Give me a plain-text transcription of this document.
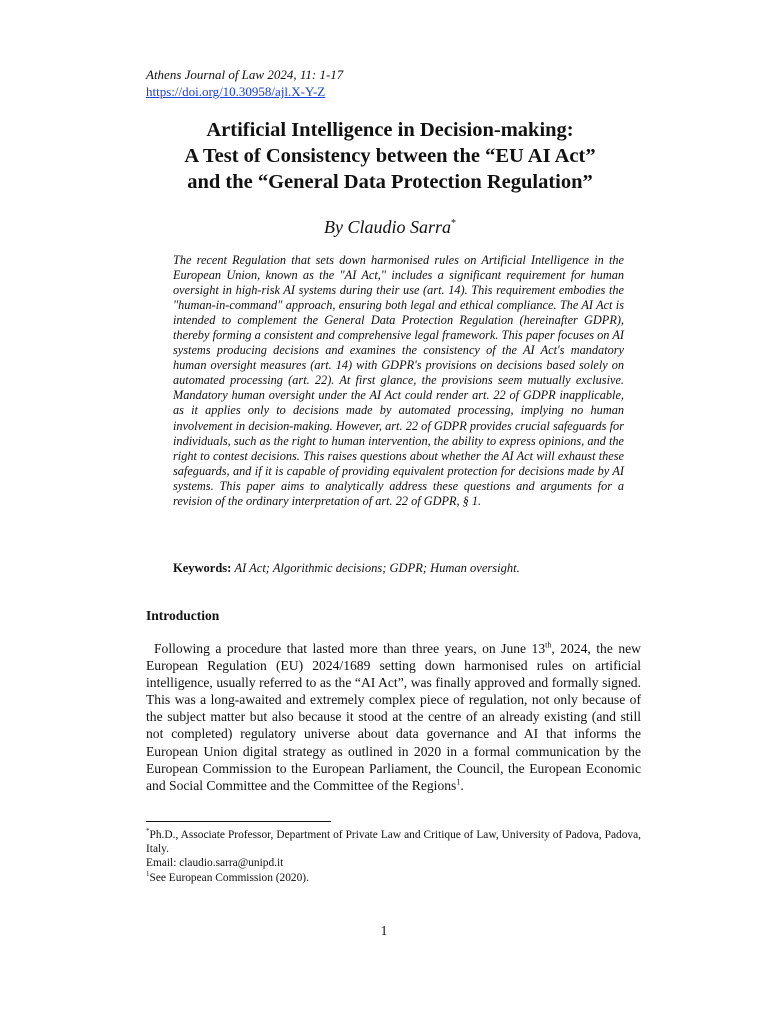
Athens Journal of Law 2024, 11: 1-17
https://doi.org/10.30958/ajl.X-Y-Z
Artificial Intelligence in Decision-making:
A Test of Consistency between the “EU AI Act”
and the “General Data Protection Regulation”
By Claudio Sarra*

The recent Regulation that sets down harmonised rules on Artificial Intelligence in the European Union, known as the "AI Act," includes a significant requirement for human oversight in high-risk AI systems during their use (art. 14). This requirement embodies the "human-in-command" approach, ensuring both legal and ethical compliance. The AI Act is intended to complement the General Data Protection Regulation (hereinafter GDPR), thereby forming a consistent and comprehensive legal framework. This paper focuses on AI systems producing decisions and examines the consistency of the AI Act's mandatory human oversight measures (art. 14) with GDPR's provisions on decisions based solely on automated processing (art. 22). At first glance, the provisions seem mutually exclusive. Mandatory human oversight under the AI Act could render art. 22 of GDPR inapplicable, as it applies only to decisions made by automated processing, implying no human involvement in decision-making. However, art. 22 of GDPR provides crucial safeguards for individuals, such as the right to human intervention, the ability to express opinions, and the right to contest decisions. This raises questions about whether the AI Act will exhaust these safeguards, and if it is capable of providing equivalent protection for decisions made by AI systems. This paper aims to analytically address these questions and arguments for a revision of the ordinary interpretation of art. 22 of GDPR, § 1.

Keywords: AI Act; Algorithmic decisions; GDPR; Human oversight.
Introduction

Following a procedure that lasted more than three years, on June 13th, 2024, the new European Regulation (EU) 2024/1689 setting down harmonised rules on artificial intelligence, usually referred to as the “AI Act”, was finally approved and formally signed. This was a long-awaited and extremely complex piece of regulation, not only because of the subject matter but also because it stood at the centre of an already existing (and still not completed) regulatory universe about data governance and AI that informs the European Union digital strategy as outlined in 2020 in a formal communication by the European Commission to the European Parliament, the Council, the European Economic and Social Committee and the Committee of the Regions$^1$.

*Ph.D., Associate Professor, Department of Private Law and Critique of Law, University of Padova, Padova, Italy.
Email: claudio.sarra@unipd.it
$^1$See European Commission (2020).
1
